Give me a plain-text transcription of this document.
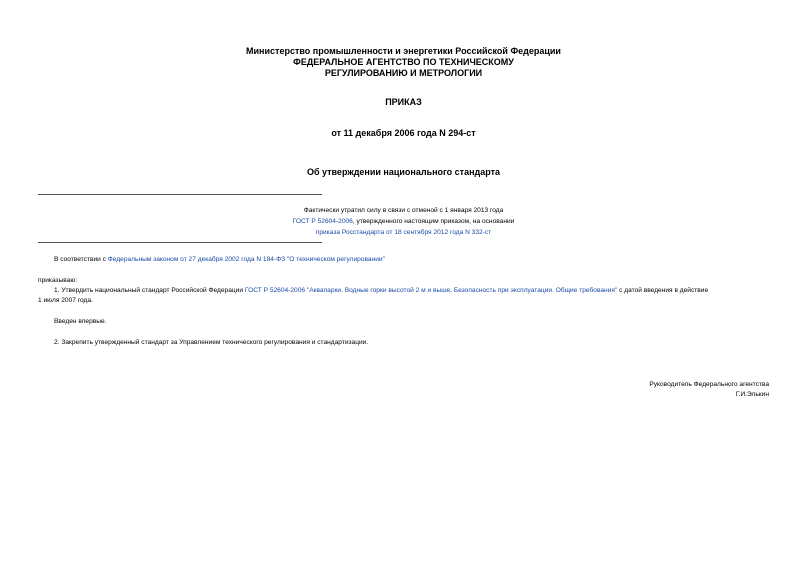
Министерство промышленности и энергетики Российской Федерации
ФЕДЕРАЛЬНОЕ АГЕНТСТВО ПО ТЕХНИЧЕСКОМУ
РЕГУЛИРОВАНИЮ И МЕТРОЛОГИИ
ПРИКАЗ
от 11 декабря 2006 года N 294-ст
Об утверждении национального стандарта
Фактически утратил силу в связи с отменой с 1 января 2013 года
ГОСТ Р 52604-2006, утвержденного настоящим приказом, на основании
приказа Росстандарта от 18 сентября 2012 года N 332-ст
В соответствии с Федеральным законом от 27 декабря 2002 года N 184-ФЗ "О техническом регулировании"
приказываю:
1. Утвердить национальный стандарт Российской Федерации ГОСТ Р 52604-2006 "Аквапарки. Водные горки высотой 2 м и выше. Безопасность при эксплуатации. Общие требования" с датой введения в действие
1 июля 2007 года.
Введен впервые.
2. Закрепить утвержденный стандарт за Управлением технического регулирования и стандартизации.
Руководитель Федерального агентства
Г.И.Элькин
